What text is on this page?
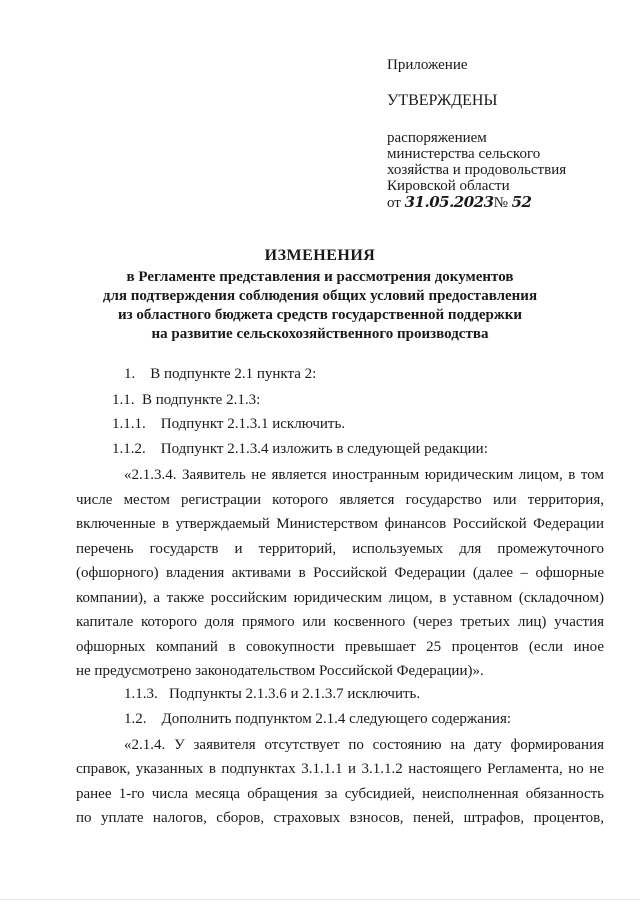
Приложение
УТВЕРЖДЕНЫ
распоряжением
министерства сельского
хозяйства и продовольствия
Кировской области
от 31.05.2023№ 52
ИЗМЕНЕНИЯ
в Регламенте представления и рассмотрения документов
для подтверждения соблюдения общих условий предоставления
из областного бюджета средств государственной поддержки
на развитие сельскохозяйственного производства
1.    В подпункте 2.1 пункта 2:
1.1.  В подпункте 2.1.3:
1.1.1.    Подпункт 2.1.3.1 исключить.
1.1.2.    Подпункт 2.1.3.4 изложить в следующей редакции:
«2.1.3.4. Заявитель не является иностранным юридическим лицом, в том
числе местом регистрации которого является государство или территория,
включенные в утверждаемый Министерством финансов Российской Федерации
перечень государств и территорий, используемых для промежуточного
(офшорного) владения активами в Российской Федерации (далее – офшорные
компании), а также российским юридическим лицом, в уставном (складочном)
капитале которого доля прямого или косвенного (через третьих лиц) участия
офшорных компаний в совокупности превышает 25 процентов (если иное
не предусмотрено законодательством Российской Федерации)».
1.1.3.   Подпункты 2.1.3.6 и 2.1.3.7 исключить.
1.2.    Дополнить подпунктом 2.1.4 следующего содержания:
«2.1.4. У заявителя отсутствует по состоянию на дату формирования
справок, указанных в подпунктах 3.1.1.1 и 3.1.1.2 настоящего Регламента, но не
ранее 1-го числа месяца обращения за субсидией, неисполненная обязанность
по уплате налогов, сборов, страховых взносов, пеней, штрафов, процентов,
